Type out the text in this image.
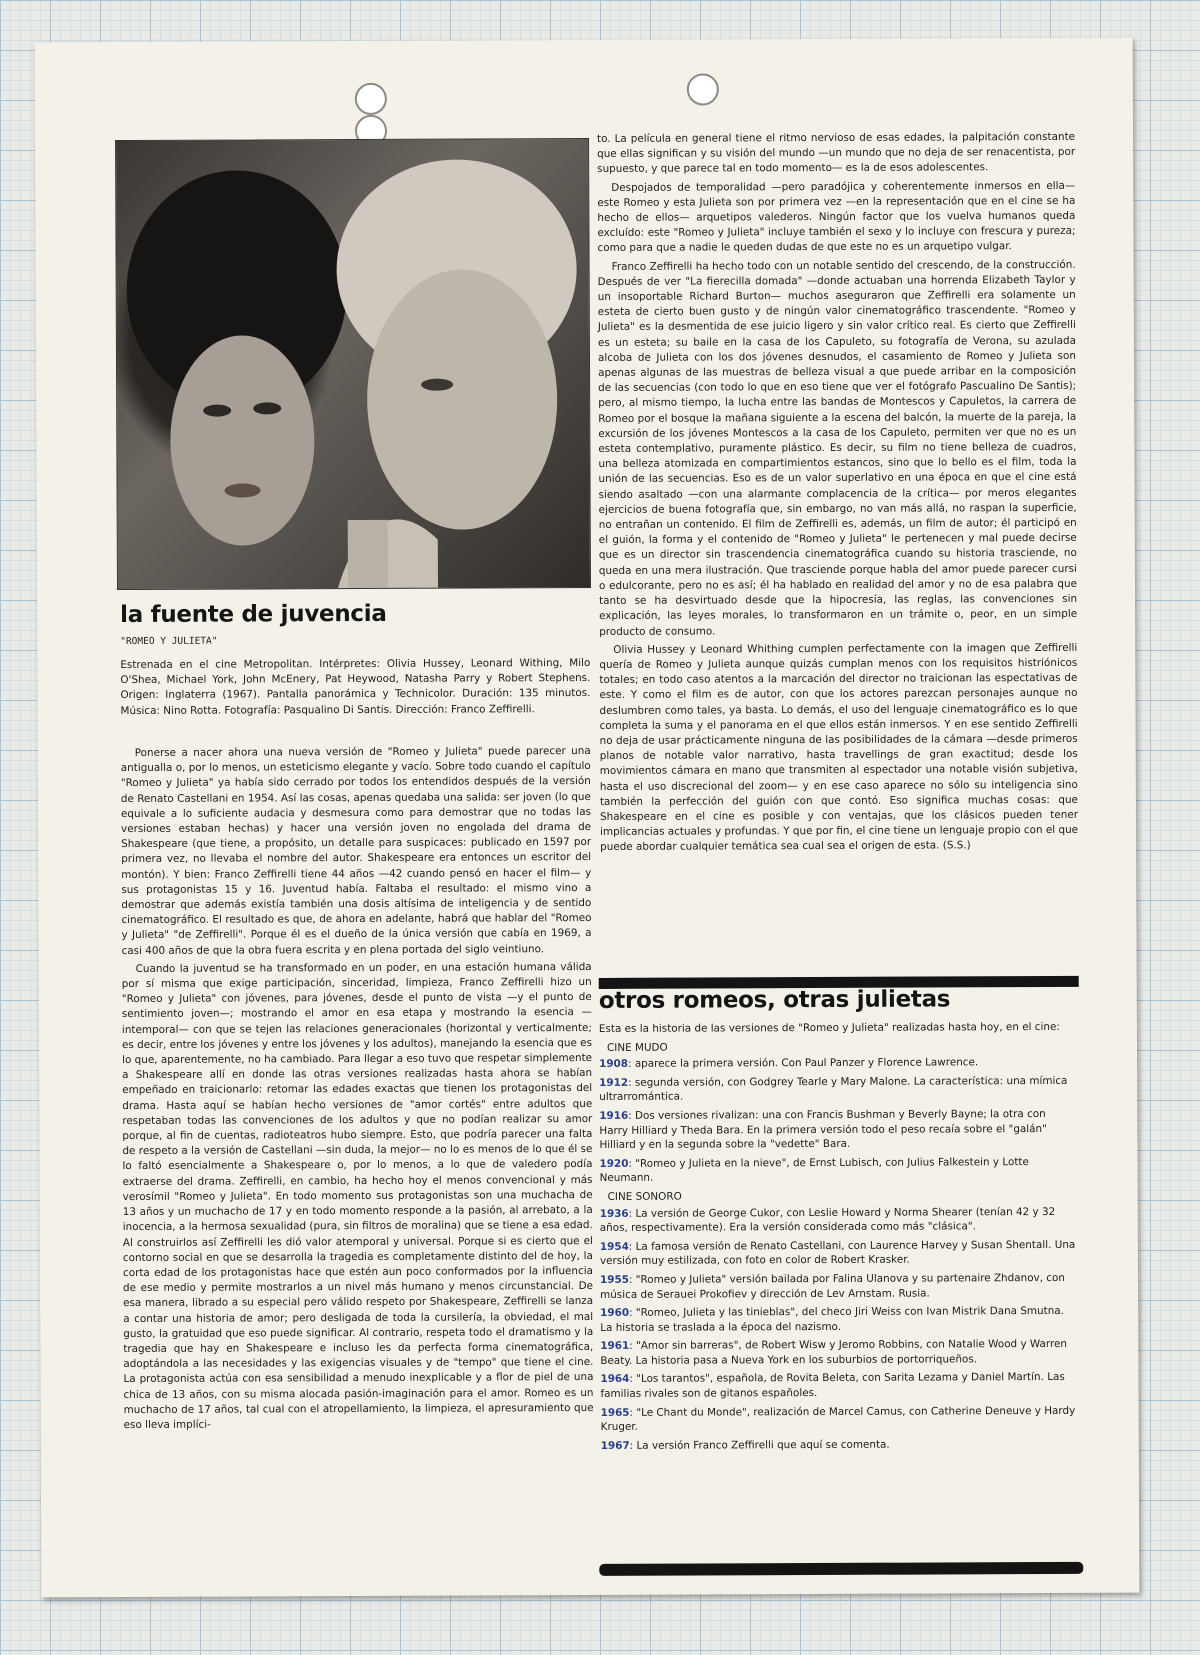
la fuente de juvencia
"ROMEO Y JULIETA"

Estrenada en el cine Metropolitan. Intérpretes: Olivia Hussey, Leonard Withing, Milo O'Shea, Michael York, John McEnery, Pat Heywood, Natasha Parry y Robert Stephens. Origen: Inglaterra (1967). Pantalla panorámica y Technicolor. Duración: 135 minutos. Música: Nino Rotta. Fotografía: Pasqualino Di Santis. Dirección: Franco Zeffirelli.

Ponerse a nacer ahora una nueva versión de "Romeo y Julieta" puede parecer una antigualla o, por lo menos, un esteticismo elegante y vacío. Sobre todo cuando el capítulo "Romeo y Julieta" ya había sido cerrado por todos los entendidos después de la versión de Renato Castellani en 1954. Así las cosas, apenas quedaba una salida: ser joven (lo que equivale a lo suficiente audacia y desmesura como para demostrar que no todas las versiones estaban hechas) y hacer una versión joven no engolada del drama de Shakespeare (que tiene, a propósito, un detalle para suspicaces: publicado en 1597 por primera vez, no llevaba el nombre del autor. Shakespeare era entonces un escritor del montón). Y bien: Franco Zeffirelli tiene 44 años —42 cuando pensó en hacer el film— y sus protagonistas 15 y 16. Juventud había. Faltaba el resultado: el mismo vino a demostrar que además existía también una dosis altísima de inteligencia y de sentido cinematográfico. El resultado es que, de ahora en adelante, habrá que hablar del "Romeo y Julieta" "de Zeffirelli". Porque él es el dueño de la única versión que cabía en 1969, a casi 400 años de que la obra fuera escrita y en plena portada del siglo veintiuno.

Cuando la juventud se ha transformado en un poder, en una estación humana válida por sí misma que exige participación, sinceridad, limpieza, Franco Zeffirelli hizo un "Romeo y Julieta" con jóvenes, para jóvenes, desde el punto de vista —y el punto de sentimiento joven—; mostrando el amor en esa etapa y mostrando la esencia —intemporal— con que se tejen las relaciones generacionales (horizontal y verticalmente; es decir, entre los jóvenes y entre los jóvenes y los adultos), manejando la esencia que es lo que, aparentemente, no ha cambiado. Para llegar a eso tuvo que respetar simplemente a Shakespeare allí en donde las otras versiones realizadas hasta ahora se habían empeñado en traicionarlo: retomar las edades exactas que tienen los protagonistas del drama. Hasta aquí se habían hecho versiones de "amor cortés" entre adultos que respetaban todas las convenciones de los adultos y que no podían realizar su amor porque, al fin de cuentas, radioteatros hubo siempre. Esto, que podría parecer una falta de respeto a la versión de Castellani —sin duda, la mejor— no lo es menos de lo que él se lo faltó esencialmente a Shakespeare o, por lo menos, a lo que de valedero podía extraerse del drama. Zeffirelli, en cambio, ha hecho hoy el menos convencional y más verosímil "Romeo y Julieta". En todo momento sus protagonistas son una muchacha de 13 años y un muchacho de 17 y en todo momento responde a la pasión, al arrebato, a la inocencia, a la hermosa sexualidad (pura, sin filtros de moralina) que se tiene a esa edad. Al construirlos así Zeffirelli les dió valor atemporal y universal. Porque si es cierto que el contorno social en que se desarrolla la tragedia es completamente distinto del de hoy, la corta edad de los protagonistas hace que estén aun poco conformados por la influencia de ese medio y permite mostrarlos a un nivel más humano y menos circunstancial. De esa manera, librado a su especial pero válido respeto por Shakespeare, Zeffirelli se lanza a contar una historia de amor; pero desligada de toda la cursilería, la obviedad, el mal gusto, la gratuidad que eso puede significar. Al contrario, respeta todo el dramatismo y la tragedia que hay en Shakespeare e incluso les da perfecta forma cinematográfica, adoptándola a las necesidades y las exigencias visuales y de "tempo" que tiene el cine. La protagonista actúa con esa sensibilidad a menudo inexplicable y a flor de piel de una chica de 13 años, con su misma alocada pasión-imaginación para el amor. Romeo es un muchacho de 17 años, tal cual con el atropellamiento, la limpieza, el apresuramiento que eso lleva implíci-

to. La película en general tiene el ritmo nervioso de esas edades, la palpitación constante que ellas significan y su visión del mundo —un mundo que no deja de ser renacentista, por supuesto, y que parece tal en todo momento— es la de esos adolescentes.

Despojados de temporalidad —pero paradójica y coherentemente inmersos en ella— este Romeo y esta Julieta son por primera vez —en la representación que en el cine se ha hecho de ellos— arquetipos valederos. Ningún factor que los vuelva humanos queda excluído: este "Romeo y Julieta" incluye también el sexo y lo incluye con frescura y pureza; como para que a nadie le queden dudas de que este no es un arquetipo vulgar.

Franco Zeffirelli ha hecho todo con un notable sentido del crescendo, de la construcción. Después de ver "La fierecilla domada" —donde actuaban una horrenda Elizabeth Taylor y un insoportable Richard Burton— muchos aseguraron que Zeffirelli era solamente un esteta de cierto buen gusto y de ningún valor cinematográfico trascendente. "Romeo y Julieta" es la desmentida de ese juicio ligero y sin valor crítico real. Es cierto que Zeffirelli es un esteta; su baile en la casa de los Capuleto, su fotografía de Verona, su azulada alcoba de Julieta con los dos jóvenes desnudos, el casamiento de Romeo y Julieta son apenas algunas de las muestras de belleza visual a que puede arribar en la composición de las secuencias (con todo lo que en eso tiene que ver el fotógrafo Pascualino De Santis); pero, al mismo tiempo, la lucha entre las bandas de Montescos y Capuletos, la carrera de Romeo por el bosque la mañana siguiente a la escena del balcón, la muerte de la pareja, la excursión de los jóvenes Montescos a la casa de los Capuleto, permiten ver que no es un esteta contemplativo, puramente plástico. Es decir, su film no tiene belleza de cuadros, una belleza atomizada en compartimientos estancos, sino que lo bello es el film, toda la unión de las secuencias. Eso es de un valor superlativo en una época en que el cine está siendo asaltado —con una alarmante complacencia de la crítica— por meros elegantes ejercicios de buena fotografía que, sin embargo, no van más allá, no raspan la superficie, no entrañan un contenido. El film de Zeffirelli es, además, un film de autor; él participó en el guión, la forma y el contenido de "Romeo y Julieta" le pertenecen y mal puede decirse que es un director sin trascendencia cinematográfica cuando su historia trasciende, no queda en una mera ilustración. Que trasciende porque habla del amor puede parecer cursi o edulcorante, pero no es así; él ha hablado en realidad del amor y no de esa palabra que tanto se ha desvirtuado desde que la hipocresía, las reglas, las convenciones sin explicación, las leyes morales, lo transformaron en un trámite o, peor, en un simple producto de consumo.

Olivia Hussey y Leonard Whithing cumplen perfectamente con la imagen que Zeffirelli quería de Romeo y Julieta aunque quizás cumplan menos con los requisitos histriónicos totales; en todo caso atentos a la marcación del director no traicionan las espectativas de este. Y como el film es de autor, con que los actores parezcan personajes aunque no deslumbren como tales, ya basta. Lo demás, el uso del lenguaje cinematográfico es lo que completa la suma y el panorama en el que ellos están inmersos. Y en ese sentido Zeffirelli no deja de usar prácticamente ninguna de las posibilidades de la cámara —desde primeros planos de notable valor narrativo, hasta travellings de gran exactitud; desde los movimientos cámara en mano que transmiten al espectador una notable visión subjetiva, hasta el uso discrecional del zoom— y en ese caso aparece no sólo su inteligencia sino también la perfección del guión con que contó. Eso significa muchas cosas: que Shakespeare en el cine es posible y con ventajas, que los clásicos pueden tener implicancias actuales y profundas. Y que por fin, el cine tiene un lenguaje propio con el que puede abordar cualquier temática sea cual sea el origen de esta. (S.S.)

otros romeos, otras julietas
Esta es la historia de las versiones de "Romeo y Julieta" realizadas hasta hoy, en el cine:
CINE MUDO
1908: aparece la primera versión. Con Paul Panzer y Florence Lawrence.
1912: segunda versión, con Godgrey Tearle y Mary Malone. La característica: una mímica ultrarromántica.
1916: Dos versiones rivalizan: una con Francis Bushman y Beverly Bayne; la otra con Harry Hilliard y Theda Bara. En la primera versión todo el peso recaía sobre el "galán" Hilliard y en la segunda sobre la "vedette" Bara.
1920: "Romeo y Julieta en la nieve", de Ernst Lubisch, con Julius Falkestein y Lotte Neumann.
CINE SONORO
1936: La versión de George Cukor, con Leslie Howard y Norma Shearer (tenían 42 y 32 años, respectivamente). Era la versión considerada como más "clásica".
1954: La famosa versión de Renato Castellani, con Laurence Harvey y Susan Shentall. Una versión muy estilizada, con foto en color de Robert Krasker.
1955: "Romeo y Julieta" versión bailada por Falina Ulanova y su partenaire Zhdanov, con música de Serauei Prokofiev y dirección de Lev Arnstam. Rusia.
1960: "Romeo, Julieta y las tinieblas", del checo Jiri Weiss con Ivan Mistrik Dana Smutna. La historia se traslada a la época del nazismo.
1961: "Amor sin barreras", de Robert Wisw y Jeromo Robbins, con Natalie Wood y Warren Beaty. La historia pasa a Nueva York en los suburbios de portorriqueños.
1964: "Los tarantos", española, de Rovita Beleta, con Sarita Lezama y Daniel Martín. Las familias rivales son de gitanos españoles.
1965: "Le Chant du Monde", realización de Marcel Camus, con Catherine Deneuve y Hardy Kruger.
1967: La versión Franco Zeffirelli que aquí se comenta.
